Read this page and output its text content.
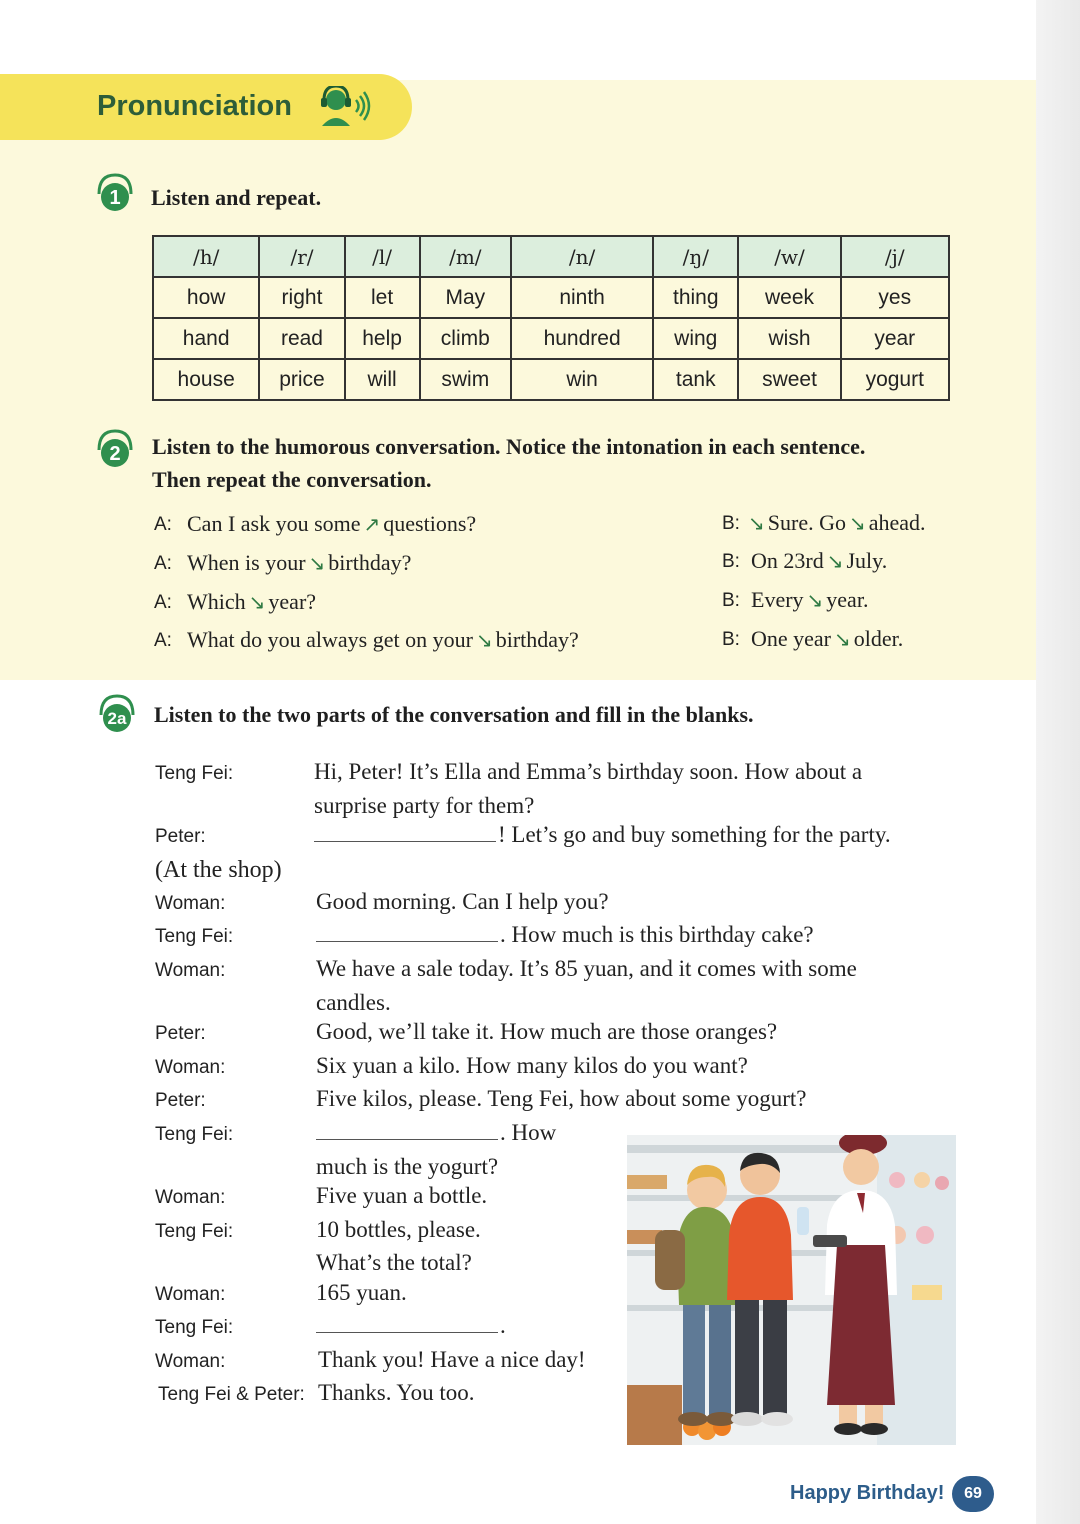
Pronunciation
1 Listen and repeat.
/h/	/r/	/l/	/m/	/n/	/ŋ/	/w/	/j/
how	right	let	May	ninth	thing	week	yes
hand	read	help	climb	hundred	wing	wish	year
house	price	will	swim	win	tank	sweet	yogurt
2 Listen to the humorous conversation. Notice the intonation in each sentence.
Then repeat the conversation.
A: Can I ask you some ↗ questions?
A: When is your ↘ birthday?
A: Which ↘ year?
A: What do you always get on your ↘ birthday?
B: ↘ Sure. Go ↘ ahead.
B: On 23rd ↘ July.
B: Every ↘ year.
B: One year ↘ older.
2a Listen to the two parts of the conversation and fill in the blanks.
Teng Fei:	Hi, Peter! It’s Ella and Emma’s birthday soon. How about a
surprise party for them?
Peter:	! Let’s go and buy something for the party.
(At the shop)
Woman:	Good morning. Can I help you?
Teng Fei:	. How much is this birthday cake?
Woman:	We have a sale today. It’s 85 yuan, and it comes with some
candles.
Peter:	Good, we’ll take it. How much are those oranges?
Woman:	Six yuan a kilo. How many kilos do you want?
Peter:	Five kilos, please. Teng Fei, how about some yogurt?
Teng Fei:	. How
much is the yogurt?
Woman:	Five yuan a bottle.
Teng Fei:	10 bottles, please.
What’s the total?
Woman:	165 yuan.
Teng Fei:	.
Woman:	Thank you! Have a nice day!
Teng Fei & Peter: Thanks. You too.
Happy Birthday!	69
